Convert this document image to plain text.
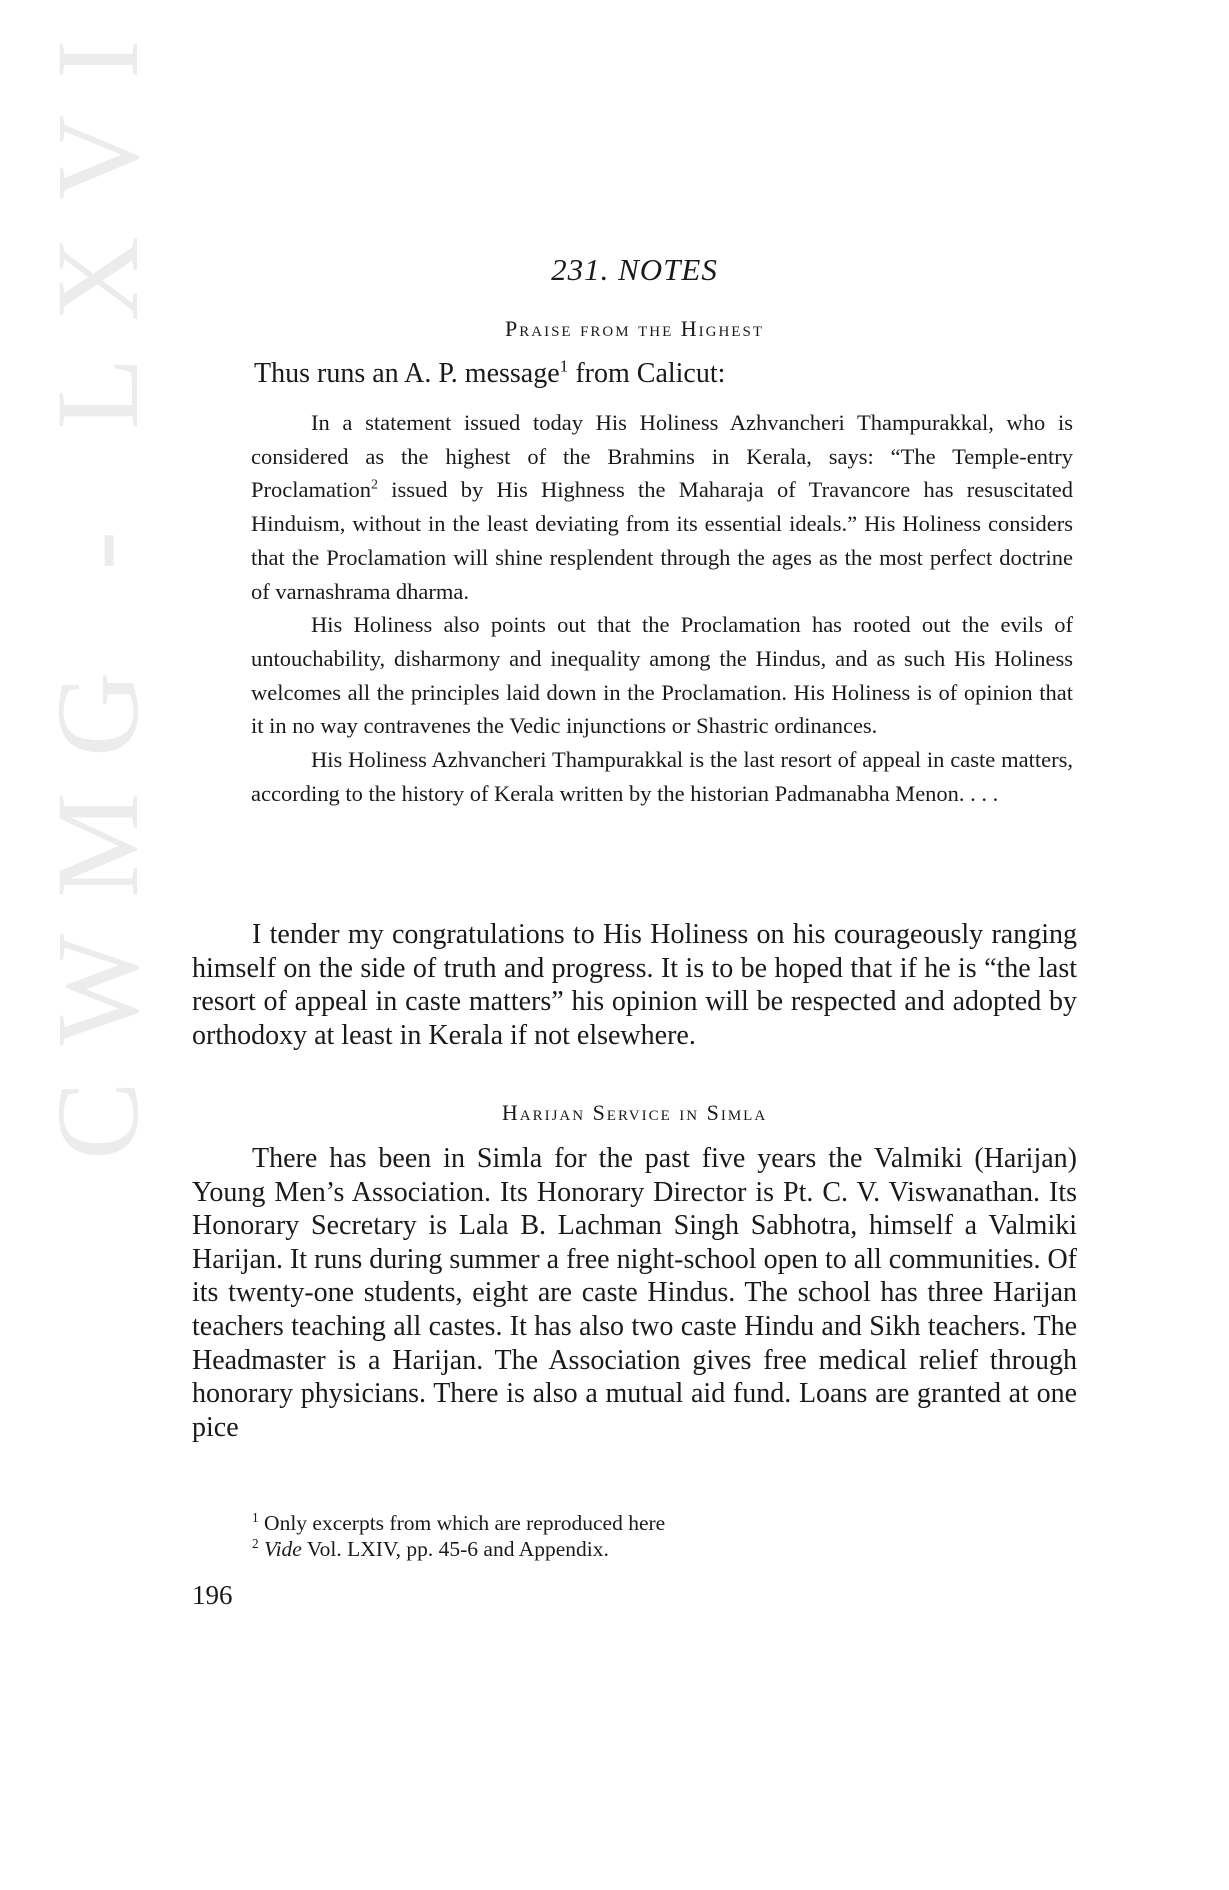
CWMG - LXVI	231. NOTES
Praise from the Highest

Thus runs an A. P. message$^1$ from Calicut:

In a statement issued today His Holiness Azhvancheri Thampurakkal, who is considered as the highest of the Brahmins in Kerala, says: “The Temple-entry Proclamation$^2$ issued by His Highness the Maharaja of Travancore has resuscitated Hinduism, without in the least deviating from its essential ideals.” His Holiness considers that the Proclamation will shine resplendent through the ages as the most perfect doctrine of varnashrama dharma.

His Holiness also points out that the Proclamation has rooted out the evils of untouchability, disharmony and inequality among the Hindus, and as such His Holiness welcomes all the principles laid down in the Proclamation. His Holiness is of opinion that it in no way contravenes the Vedic injunctions or Shastric ordinances.

His Holiness Azhvancheri Thampurakkal is the last resort of appeal in caste matters, according to the history of Kerala written by the historian Padmanabha Menon. . . .

I tender my congratulations to His Holiness on his courageously ranging himself on the side of truth and progress. It is to be hoped that if he is “the last resort of appeal in caste matters” his opinion will be respected and adopted by orthodoxy at least in Kerala if not elsewhere.

Harijan Service in Simla

There has been in Simla for the past five years the Valmiki (Harijan) Young Men’s Association. Its Honorary Director is Pt. C. V. Viswanathan. Its Honorary Secretary is Lala B. Lachman Singh Sabhotra, himself a Valmiki Harijan. It runs during summer a free night-school open to all communities. Of its twenty-one students, eight are caste Hindus. The school has three Harijan teachers teaching all castes. It has also two caste Hindu and Sikh teachers. The Headmaster is a Harijan. The Association gives free medical relief through honorary physicians. There is also a mutual aid fund. Loans are granted at one pice

$^1$ Only excerpts from which are reproduced here
$^2$ Vide Vol. LXIV, pp. 45-6 and Appendix.

196
